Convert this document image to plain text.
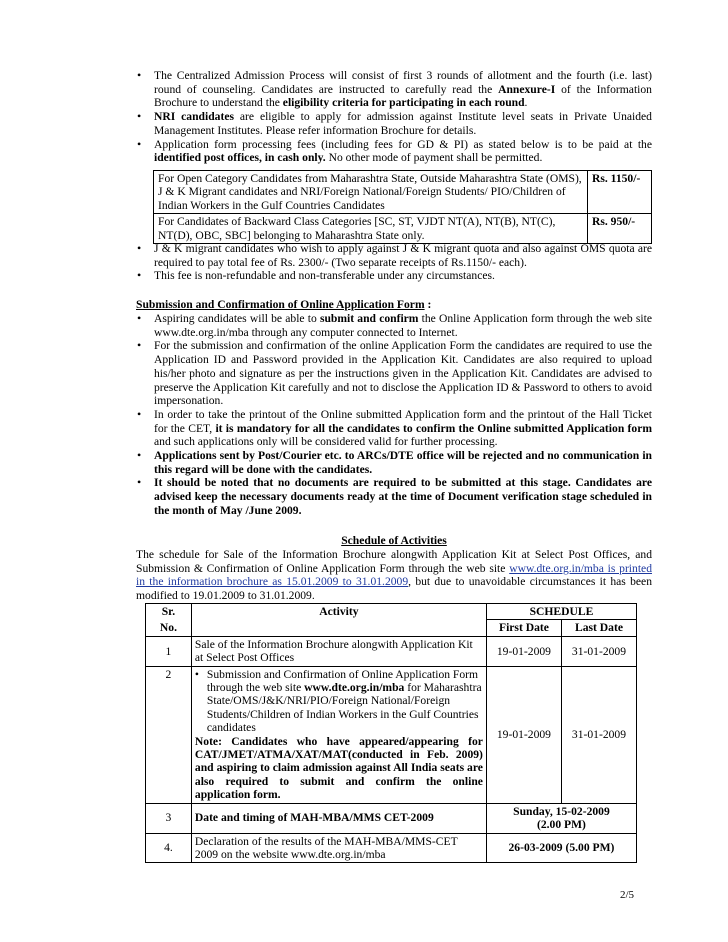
• The Centralized Admission Process will consist of first 3 rounds of allotment and the fourth (i.e. last) round of counseling. Candidates are instructed to carefully read the Annexure-I of the Information Brochure to understand the eligibility criteria for participating in each round.
• NRI candidates are eligible to apply for admission against Institute level seats in Private Unaided Management Institutes. Please refer information Brochure for details.
• Application form processing fees (including fees for GD & PI) as stated below is to be paid at the identified post offices, in cash only. No other mode of payment shall be permitted.
For Open Category Candidates from Maharashtra State, Outside Maharashtra State (OMS), J & K Migrant candidates and NRI/Foreign National/Foreign Students/ PIO/Children of Indian Workers in the Gulf Countries Candidates	Rs. 1150/-
For Candidates of Backward Class Categories [SC, ST, VJDT NT(A), NT(B), NT(C), NT(D), OBC, SBC] belonging to Maharashtra State only.	Rs. 950/-
• J & K migrant candidates who wish to apply against J & K migrant quota and also against OMS quota are required to pay total fee of Rs. 2300/- (Two separate receipts of Rs.1150/- each).
• This fee is non-refundable and non-transferable under any circumstances.
Submission and Confirmation of Online Application Form :
• Aspiring candidates will be able to submit and confirm the Online Application form through the web site www.dte.org.in/mba through any computer connected to Internet.
• For the submission and confirmation of the online Application Form the candidates are required to use the Application ID and Password provided in the Application Kit. Candidates are also required to upload his/her photo and signature as per the instructions given in the Application Kit. Candidates are advised to preserve the Application Kit carefully and not to disclose the Application ID & Password to others to avoid impersonation.
• In order to take the printout of the Online submitted Application form and the printout of the Hall Ticket for the CET, it is mandatory for all the candidates to confirm the Online submitted Application form and such applications only will be considered valid for further processing.
• Applications sent by Post/Courier etc. to ARCs/DTE office will be rejected and no communication in this regard will be done with the candidates.
• It should be noted that no documents are required to be submitted at this stage. Candidates are advised keep the necessary documents ready at the time of Document verification stage scheduled in the month of May /June 2009.
Schedule of Activities
The schedule for Sale of the Information Brochure alongwith Application Kit at Select Post Offices, and Submission & Confirmation of Online Application Form through the web site www.dte.org.in/mba is printed in the information brochure as 15.01.2009 to 31.01.2009, but due to unavoidable circumstances it has been modified to 19.01.2009 to 31.01.2009.
Sr.	Activity	SCHEDULE	
No.		First Date	Last Date
1	Sale of the Information Brochure alongwith Application Kit at Select Post Offices	19-01-2009	31-01-2009
2	• Submission and Confirmation of Online Application Form through the web site www.dte.org.in/mba for Maharashtra State/OMS/J&K/NRI/PIO/Foreign National/Foreign Students/Children of Indian Workers in the Gulf Countries candidates
Note: Candidates who have appeared/appearing for CAT/JMET/ATMA/XAT/MAT(conducted in Feb. 2009) and aspiring to claim admission against All India seats are also required to submit and confirm the online application form.	19-01-2009	31-01-2009
3	Date and timing of MAH-MBA/MMS CET-2009	Sunday, 15-02-2009
(2.00 PM)	

4.	Declaration of the results of the MAH-MBA/MMS-CET 2009 on the website www.dte.org.in/mba	26-03-2009 (5.00 PM)	
2/5
